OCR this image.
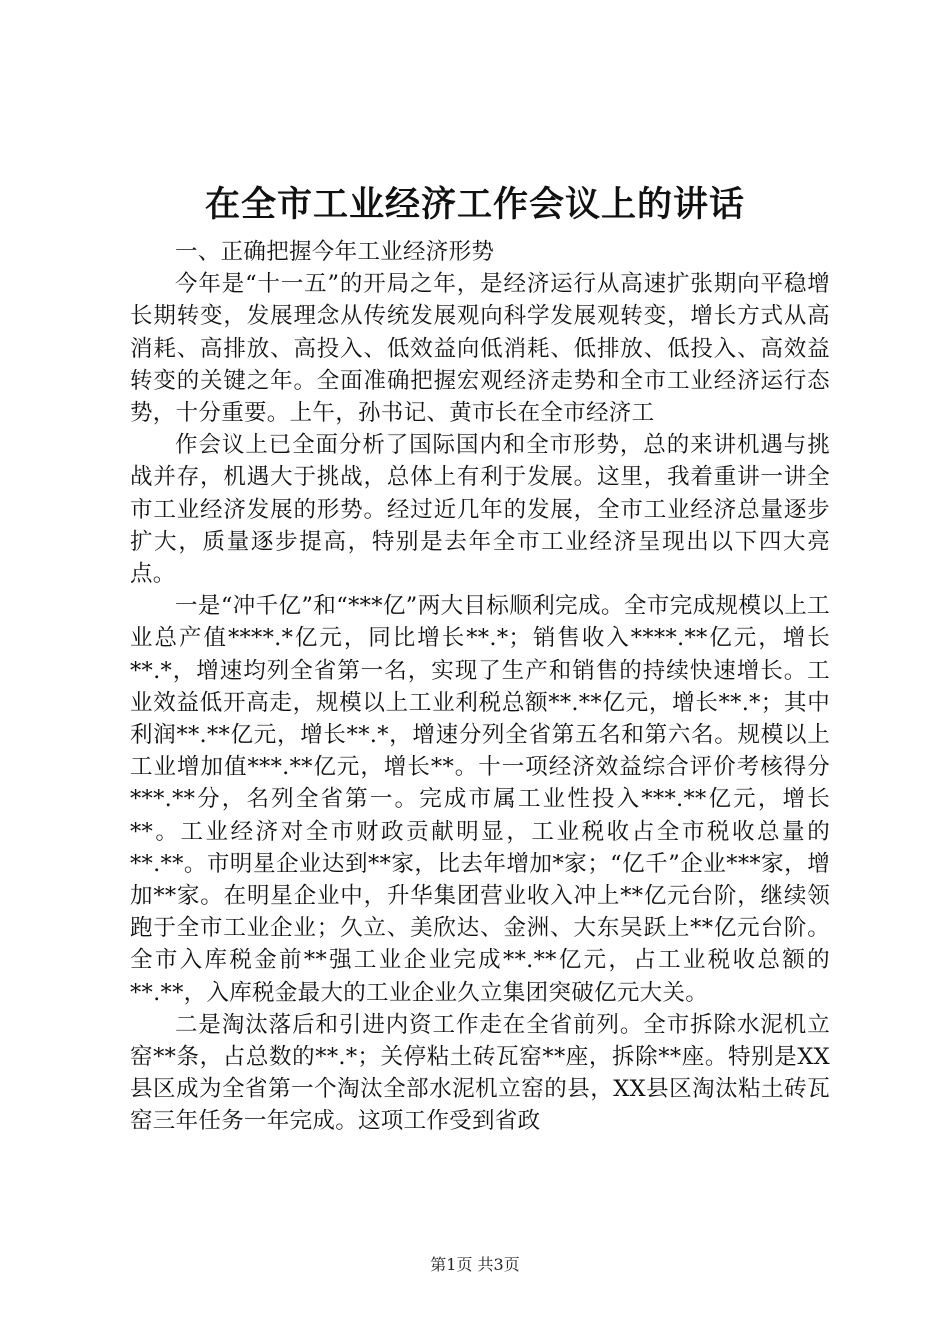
在全市工业经济工作会议上的讲话

一、正确把握今年工业经济形势

今年是“十一五”的开局之年，是经济运行从高速扩张期向平稳增长期转变，发展理念从传统发展观向科学发展观转变，增长方式从高消耗、高排放、高投入、低效益向低消耗、低排放、低投入、高效益转变的关键之年。全面准确把握宏观经济走势和全市工业经济运行态势，十分重要。上午，孙书记、黄市长在全市经济工

作会议上已全面分析了国际国内和全市形势，总的来讲机遇与挑战并存，机遇大于挑战，总体上有利于发展。这里，我着重讲一讲全市工业经济发展的形势。经过近几年的发展，全市工业经济总量逐步扩大，质量逐步提高，特别是去年全市工业经济呈现出以下四大亮点。

一是“冲千亿”和“***亿”两大目标顺利完成。全市完成规模以上工业总产值****.*亿元，同比增长**.*；销售收入****.**亿元，增长**.*，增速均列全省第一名，实现了生产和销售的持续快速增长。工业效益低开高走，规模以上工业利税总额**.**亿元，增长**.*；其中利润**.**亿元，增长**.*，增速分列全省第五名和第六名。规模以上工业增加值***.**亿元，增长**。十一项经济效益综合评价考核得分***.**分，名列全省第一。完成市属工业性投入***.**亿元，增长**。工业经济对全市财政贡献明显，工业税收占全市税收总量的**.**。市明星企业达到**家，比去年增加*家；“亿千”企业***家，增加**家。在明星企业中，升华集团营业收入冲上**亿元台阶，继续领跑于全市工业企业；久立、美欣达、金洲、大东吴跃上**亿元台阶。全市入库税金前**强工业企业完成**.**亿元，占工业税收总额的**.**，入库税金最大的工业企业久立集团突破亿元大关。

二是淘汰落后和引进内资工作走在全省前列。全市拆除水泥机立窑**条，占总数的**.*；关停粘土砖瓦窑**座，拆除**座。特别是XX县区成为全省第一个淘汰全部水泥机立窑的县，XX县区淘汰粘土砖瓦窑三年任务一年完成。这项工作受到省政

第1页 共3页
